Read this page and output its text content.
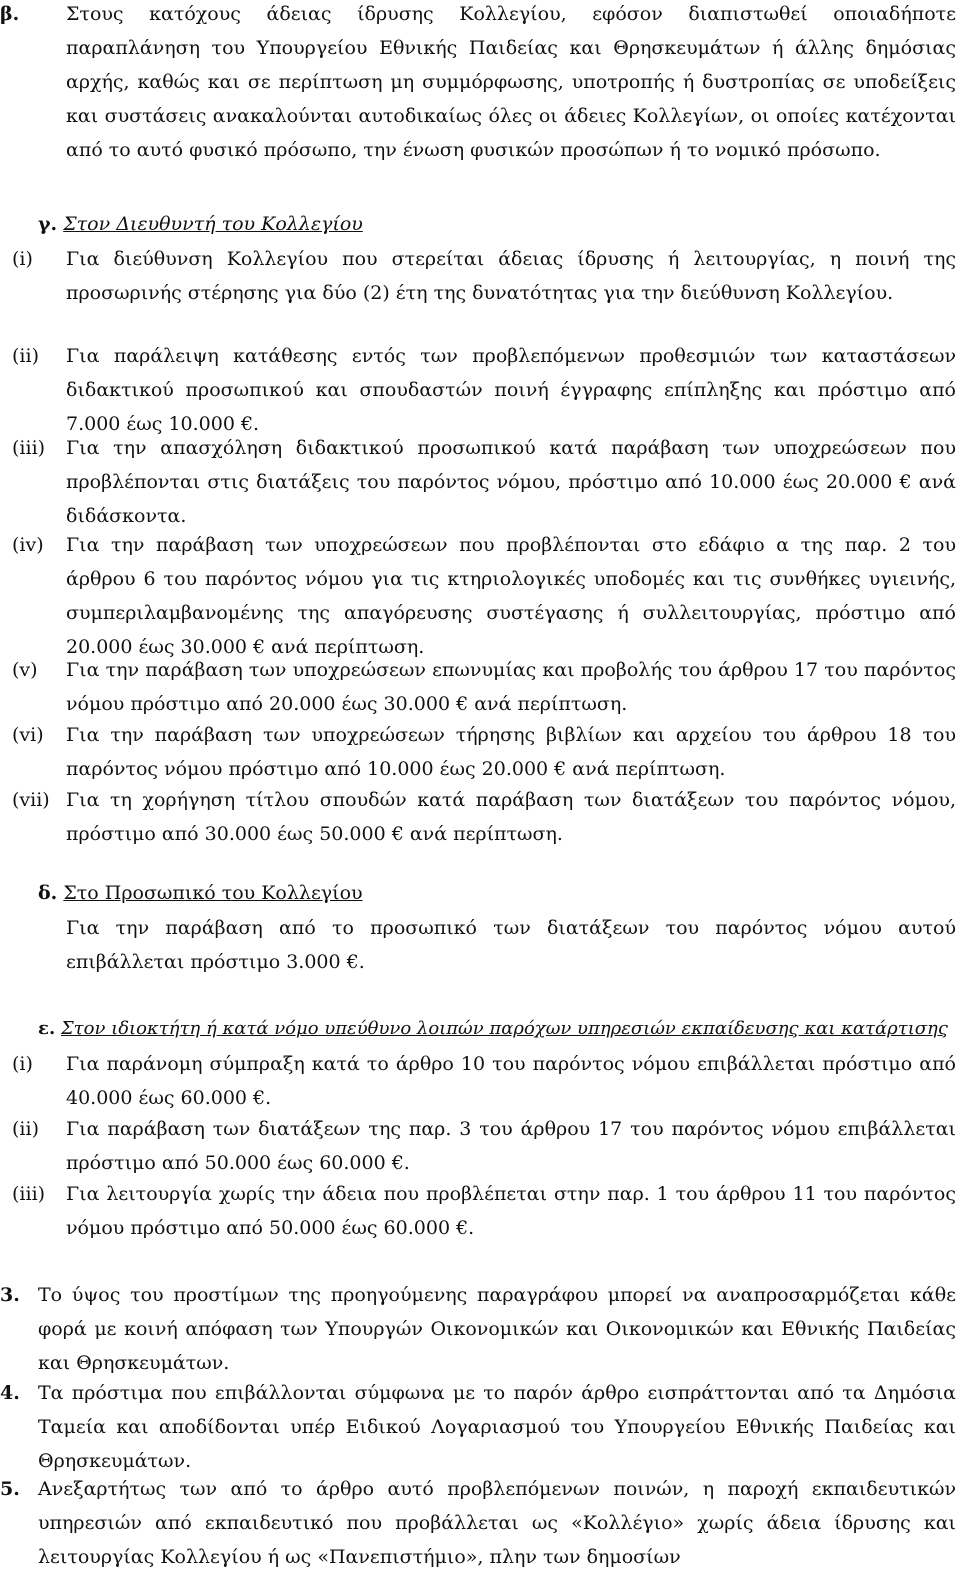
β.	Στους κατόχους άδειας ίδρυσης Κολλεγίου, εφόσον διαπιστωθεί οποιαδήποτε παραπλάνηση του Υπουργείου Εθνικής Παιδείας και Θρησκευμάτων ή άλλης δημόσιας αρχής, καθώς και σε περίπτωση μη συμμόρφωσης, υποτροπής ή δυστροπίας σε υποδείξεις και συστάσεις ανακαλούνται αυτοδικαίως όλες οι άδειες Κολλεγίων, οι οποίες κατέχονται από το αυτό φυσικό πρόσωπο, την ένωση φυσικών προσώπων ή το νομικό πρόσωπο.
γ. Στον Διευθυντή του Κολλεγίου
(i)	Για διεύθυνση Κολλεγίου που στερείται άδειας ίδρυσης ή λειτουργίας, η ποινή της προσωρινής στέρησης για δύο (2) έτη της δυνατότητας για την διεύθυνση Κολλεγίου.
(ii)	Για παράλειψη κατάθεσης εντός των προβλεπόμενων προθεσμιών των καταστάσεων διδακτικού προσωπικού και σπουδαστών ποινή έγγραφης επίπληξης και πρόστιμο από 7.000 έως 10.000 €.
(iii)	Για την απασχόληση διδακτικού προσωπικού κατά παράβαση των υποχρεώσεων που προβλέπονται στις διατάξεις του παρόντος νόμου, πρόστιμο από 10.000 έως 20.000 € ανά διδάσκοντα.
(iv)	Για την παράβαση των υποχρεώσεων που προβλέπονται στο εδάφιο α της παρ. 2 του άρθρου 6 του παρόντος νόμου για τις κτηριολογικές υποδομές και τις συνθήκες υγιεινής, συμπεριλαμβανομένης της απαγόρευσης συστέγασης ή συλλειτουργίας, πρόστιμο από 20.000 έως 30.000 € ανά περίπτωση.
(v)	Για την παράβαση των υποχρεώσεων επωνυμίας και προβολής του άρθρου 17 του παρόντος νόμου πρόστιμο από 20.000 έως 30.000 € ανά περίπτωση.
(vi)	Για την παράβαση των υποχρεώσεων τήρησης βιβλίων και αρχείου του άρθρου 18 του παρόντος νόμου πρόστιμο από 10.000 έως 20.000 € ανά περίπτωση.
(vii) Για τη χορήγηση τίτλου σπουδών κατά παράβαση των διατάξεων του παρόντος νόμου, πρόστιμο από 30.000 έως 50.000 € ανά περίπτωση.
δ. Στο Προσωπικό του Κολλεγίου
Για την παράβαση από το προσωπικό των διατάξεων του παρόντος νόμου αυτού επιβάλλεται πρόστιμο 3.000 €.
ε. Στον ιδιοκτήτη ή κατά νόμο υπεύθυνο λοιπών παρόχων υπηρεσιών εκπαίδευσης και κατάρτισης
(i)	Για παράνομη σύμπραξη κατά το άρθρο 10 του παρόντος νόμου επιβάλλεται πρόστιμο από 40.000 έως 60.000 €.
(ii)	Για παράβαση των διατάξεων της παρ. 3 του άρθρου 17 του παρόντος νόμου επιβάλλεται πρόστιμο από 50.000 έως 60.000 €.
(iii)	Για λειτουργία χωρίς την άδεια που προβλέπεται στην παρ. 1 του άρθρου 11 του παρόντος νόμου πρόστιμο από 50.000 έως 60.000 €.
3. Το ύψος του προστίμων της προηγούμενης παραγράφου μπορεί να αναπροσαρμόζεται κάθε φορά με κοινή απόφαση των Υπουργών Οικονομικών και Οικονομικών και Εθνικής Παιδείας και Θρησκευμάτων.
4. Τα πρόστιμα που επιβάλλονται σύμφωνα με το παρόν άρθρο εισπράττονται από τα Δημόσια Ταμεία και αποδίδονται υπέρ Ειδικού Λογαριασμού του Υπουργείου Εθνικής Παιδείας και Θρησκευμάτων.
5. Ανεξαρτήτως των από το άρθρο αυτό προβλεπόμενων ποινών, η παροχή εκπαιδευτικών υπηρεσιών από εκπαιδευτικό που προβάλλεται ως «Κολλέγιο» χωρίς άδεια ίδρυσης και λειτουργίας Κολλεγίου ή ως «Πανεπιστήμιο», πλην των δημοσίων
